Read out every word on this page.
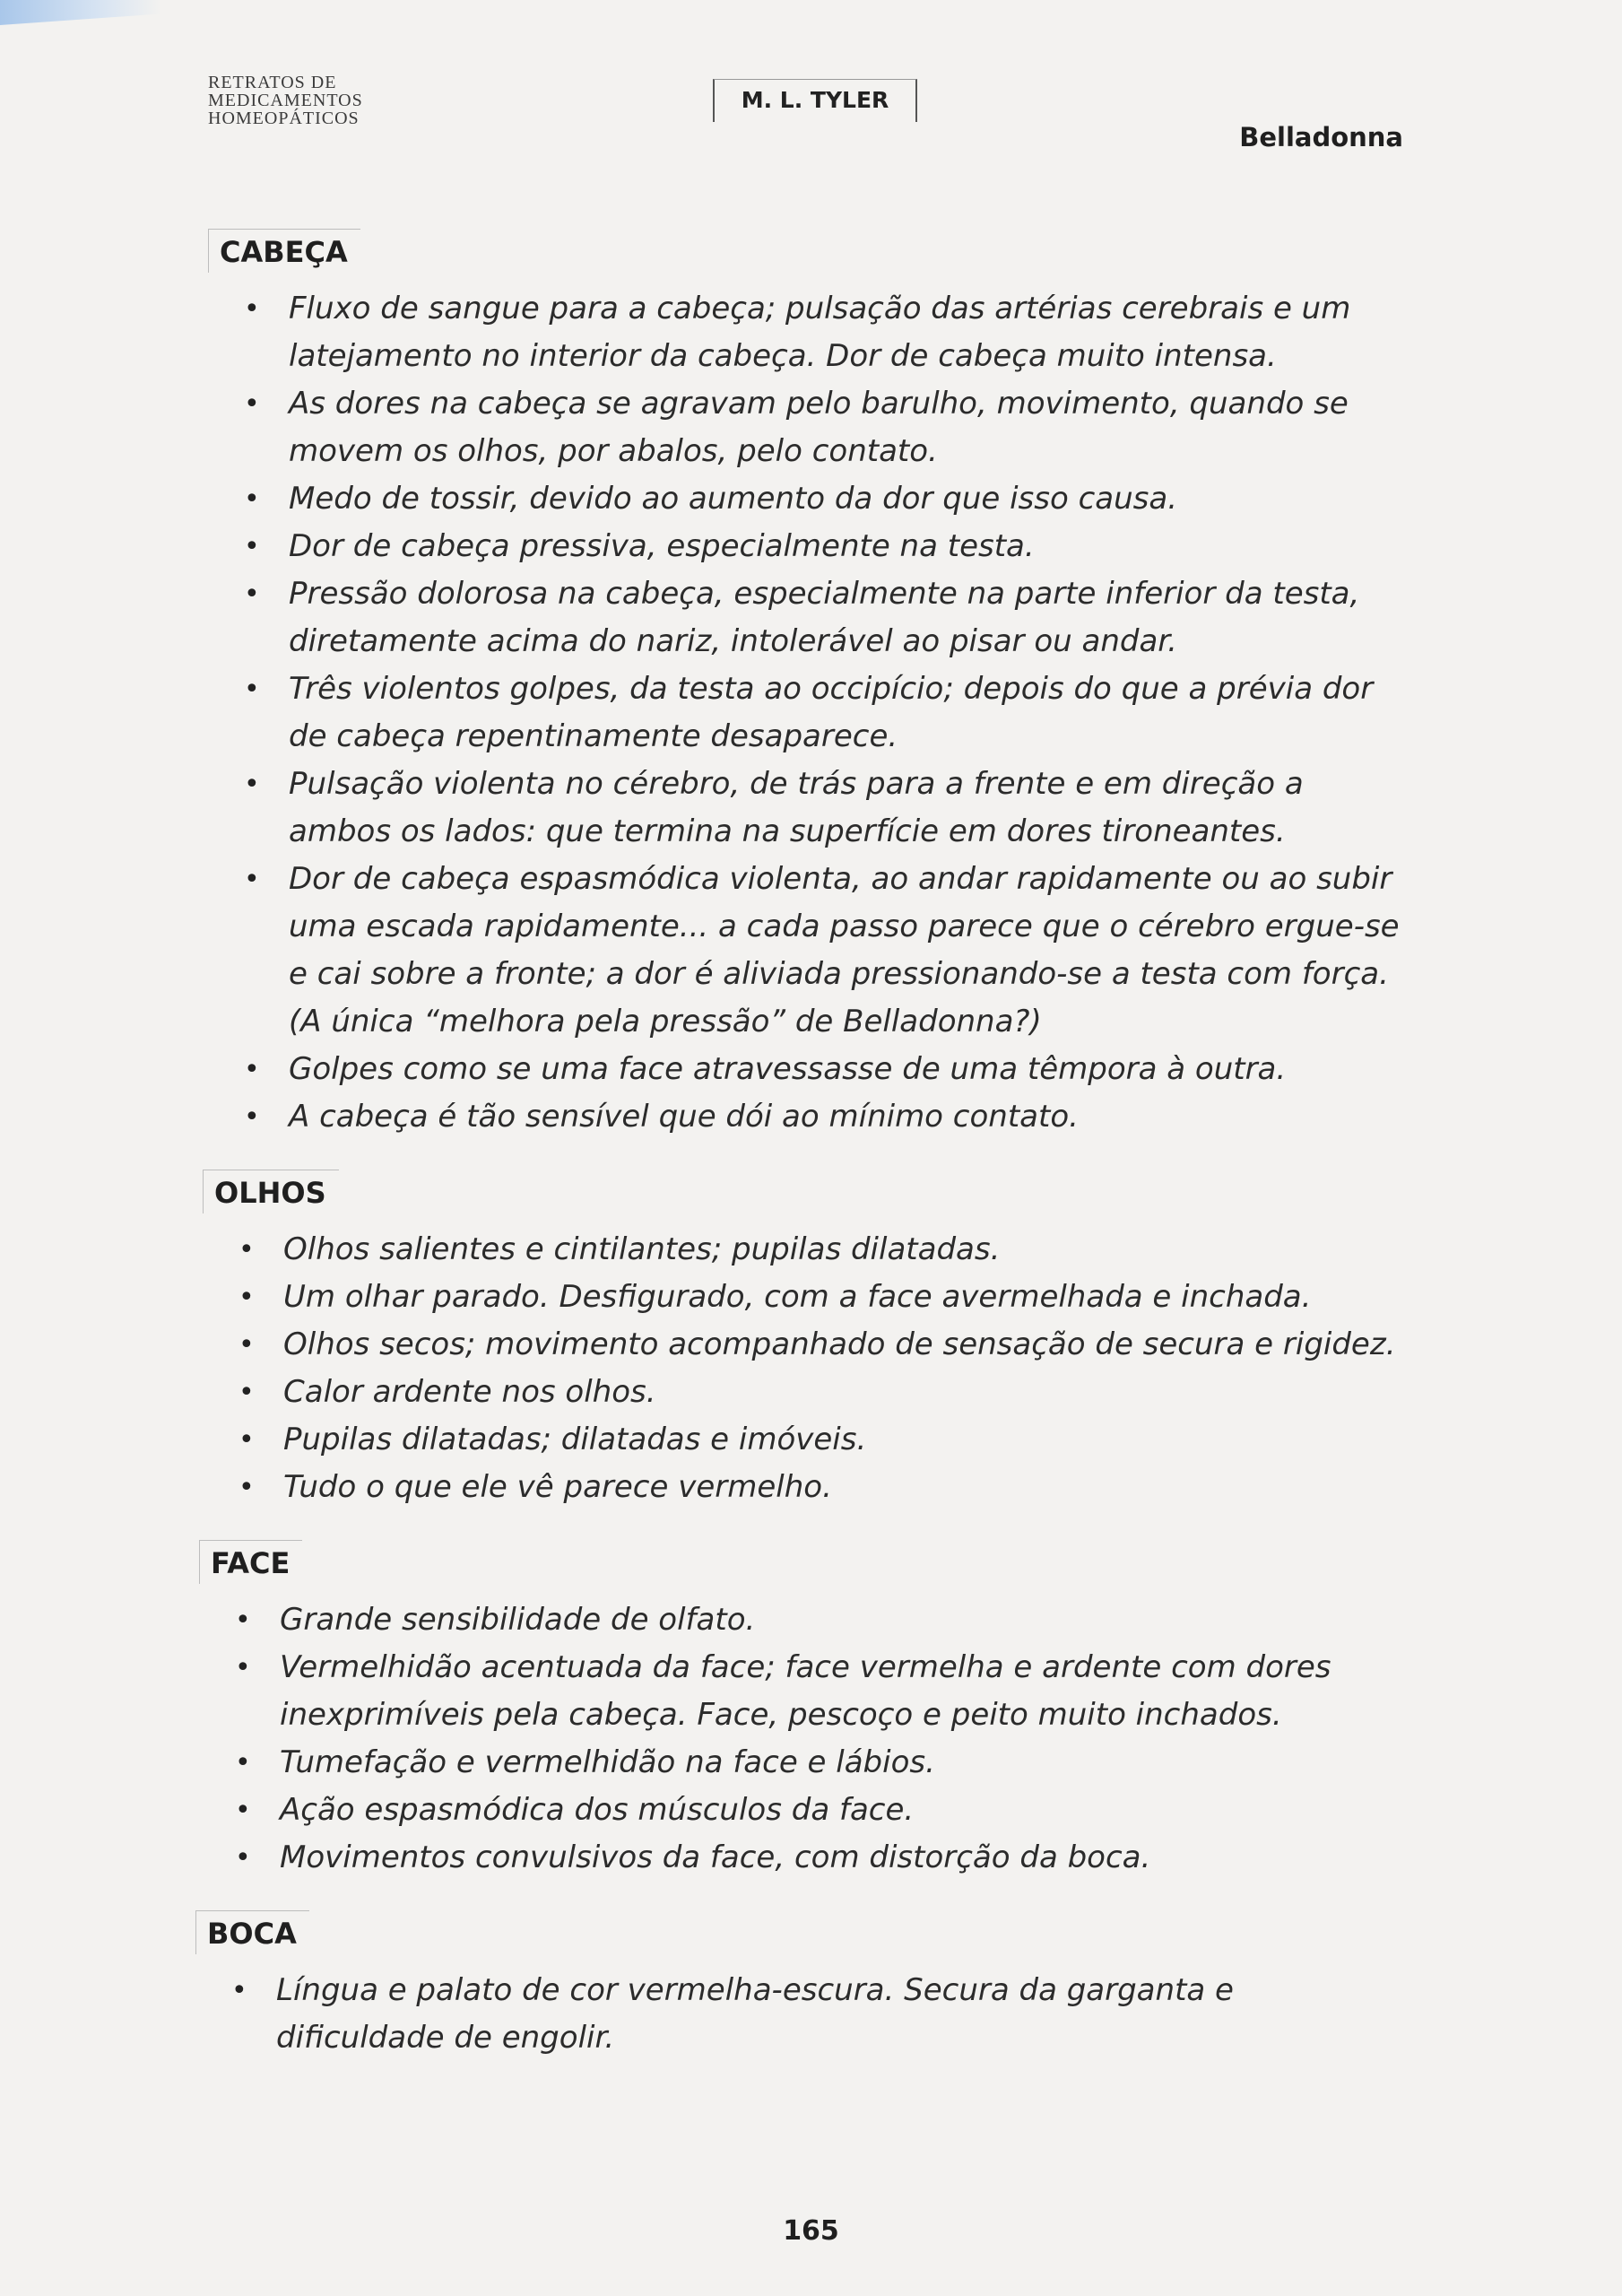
RETRATOS DE
MEDICAMENTOS
HOMEOPÁTICOS
M. L. TYLER
Belladonna
CABEÇA
• Fluxo de sangue para a cabeça; pulsação das artérias cerebrais e um latejamento no interior da cabeça. Dor de cabeça muito intensa.
• As dores na cabeça se agravam pelo barulho, movimento, quando se movem os olhos, por abalos, pelo contato.
• Medo de tossir, devido ao aumento da dor que isso causa.
• Dor de cabeça pressiva, especialmente na testa.
• Pressão dolorosa na cabeça, especialmente na parte inferior da testa, diretamente acima do nariz, intolerável ao pisar ou andar.
• Três violentos golpes, da testa ao occipício; depois do que a prévia dor de cabeça repentinamente desaparece.
• Pulsação violenta no cérebro, de trás para a frente e em direção a ambos os lados: que termina na superfície em dores tironeantes.
• Dor de cabeça espasmódica violenta, ao andar rapidamente ou ao subir uma escada rapidamente... a cada passo parece que o cérebro ergue-se e cai sobre a fronte; a dor é aliviada pressionando-se a testa com força. (A única “melhora pela pressão” de Belladonna?)
• Golpes como se uma face atravessasse de uma têmpora à outra.
• A cabeça é tão sensível que dói ao mínimo contato.
OLHOS
• Olhos salientes e cintilantes; pupilas dilatadas.
• Um olhar parado. Desfigurado, com a face avermelhada e inchada.
• Olhos secos; movimento acompanhado de sensação de secura e rigidez.
• Calor ardente nos olhos.
• Pupilas dilatadas; dilatadas e imóveis.
• Tudo o que ele vê parece vermelho.
FACE
• Grande sensibilidade de olfato.
• Vermelhidão acentuada da face; face vermelha e ardente com dores inexprimíveis pela cabeça. Face, pescoço e peito muito inchados.
• Tumefação e vermelhidão na face e lábios.
• Ação espasmódica dos músculos da face.
• Movimentos convulsivos da face, com distorção da boca.
BOCA
• Língua e palato de cor vermelha-escura. Secura da garganta e dificuldade de engolir.
165
